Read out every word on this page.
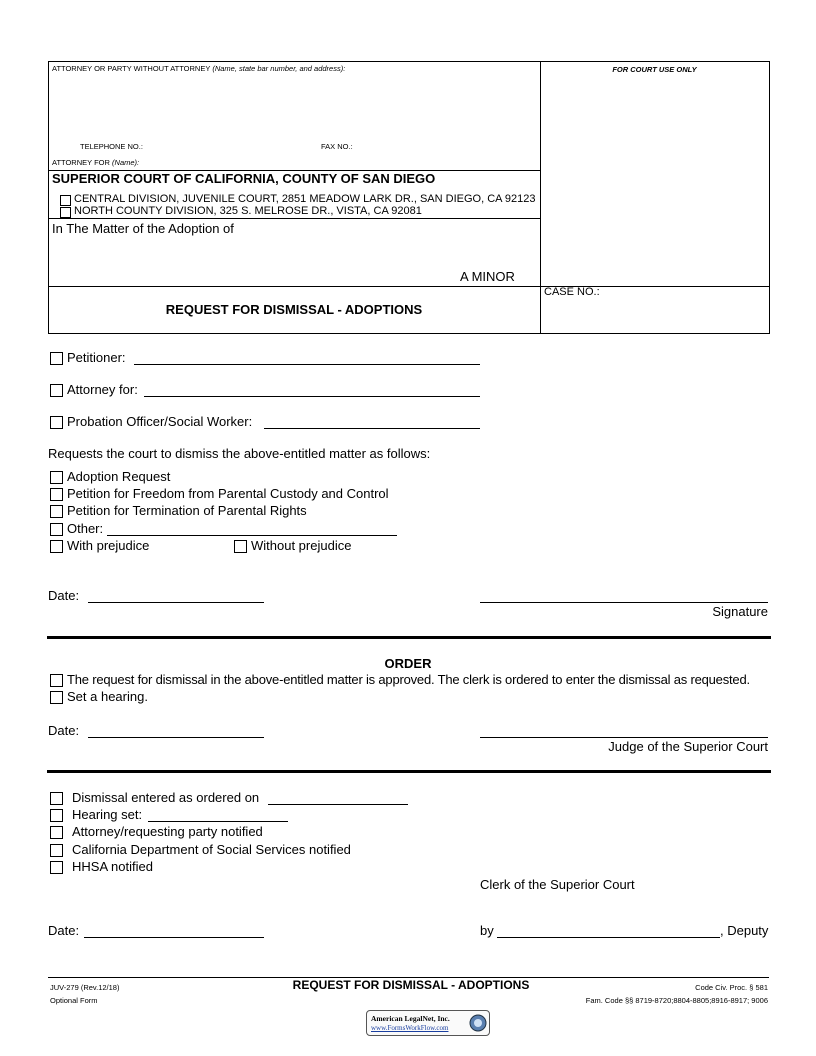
ATTORNEY OR PARTY WITHOUT ATTORNEY (Name, state bar number, and address):	FOR COURT USE ONLY
TELEPHONE NO.:	FAX NO.:
ATTORNEY FOR (Name):
SUPERIOR COURT OF CALIFORNIA, COUNTY OF SAN DIEGO
CENTRAL DIVISION, JUVENILE COURT, 2851 MEADOW LARK DR., SAN DIEGO, CA 92123
NORTH COUNTY DIVISION, 325 S. MELROSE DR., VISTA, CA 92081
In The Matter of the Adoption of
A MINOR
CASE NO.:
REQUEST FOR DISMISSAL - ADOPTIONS
Petitioner:
Attorney for:
Probation Officer/Social Worker:
Requests the court to dismiss the above-entitled matter as follows:
Adoption Request
Petition for Freedom from Parental Custody and Control
Petition for Termination of Parental Rights
Other:
With prejudice	Without prejudice
Date:
Signature
ORDER
The request for dismissal in the above-entitled matter is approved. The clerk is ordered to enter the dismissal as requested.
Set a hearing.
Date:
Judge of the Superior Court
Dismissal entered as ordered on
Hearing set:
Attorney/requesting party notified
California Department of Social Services notified
HHSA notified
Clerk of the Superior Court
Date:	by	, Deputy
JUV-279 (Rev.12/18)
Optional Form
REQUEST FOR DISMISSAL - ADOPTIONS	Code Civ. Proc. § 581
Fam. Code §§ 8719-8720;8804-8805;8916-8917; 9006
American LegalNet, Inc.
www.FormsWorkFlow.com
